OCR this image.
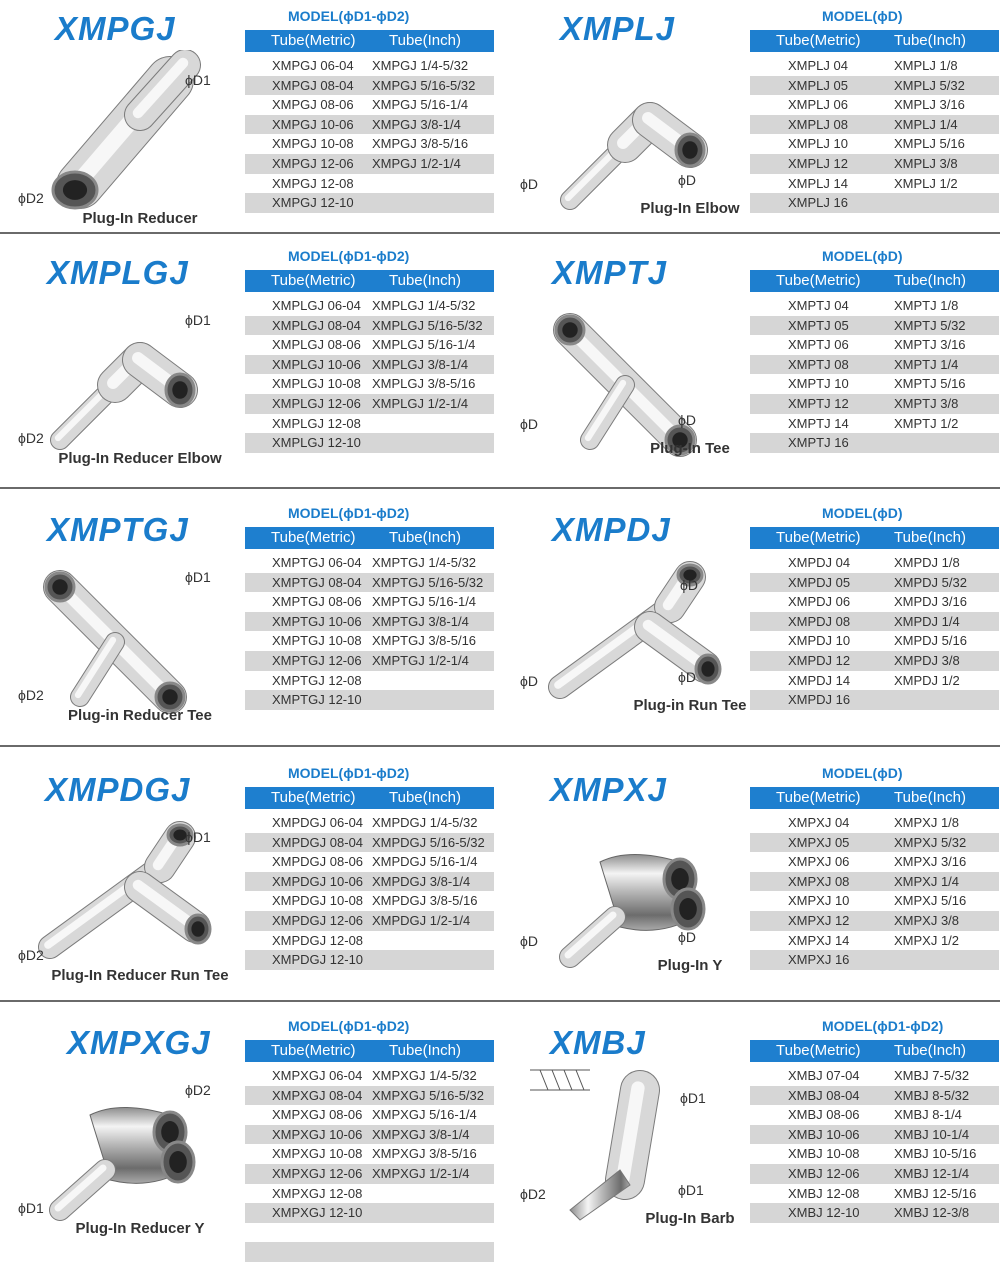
XMPGJ	MODEL(ϕD1-ϕD2)
Tube(Metric) Tube(Inch)
XMPGJ 06-04 XMPGJ 1/4-5/32
XMPGJ 08-04 XMPGJ 5/16-5/32
XMPGJ 08-06 XMPGJ 5/16-1/4
XMPGJ 10-06 XMPGJ 3/8-1/4
XMPGJ 10-08 XMPGJ 3/8-5/16
XMPGJ 12-06 XMPGJ 1/2-1/4
XMPGJ 12-08
XMPGJ 12-10
ϕD1
ϕD2
Plug-In Reducer
XMPLJ	MODEL(ϕD)
Tube(Metric) Tube(Inch)
XMPLJ 04	XMPLJ 1/8
XMPLJ 05	XMPLJ 5/32
XMPLJ 06	XMPLJ 3/16
XMPLJ 08	XMPLJ 1/4
XMPLJ 10	XMPLJ 5/16
XMPLJ 12	XMPLJ 3/8
XMPLJ 14	XMPLJ 1/2
XMPLJ 16
ϕD
ϕD
Plug-In Elbow
XMPLGJ	MODEL(ϕD1-ϕD2)
Tube(Metric) Tube(Inch)
XMPLGJ 06-04 XMPLGJ 1/4-5/32
XMPLGJ 08-04 XMPLGJ 5/16-5/32
XMPLGJ 08-06 XMPLGJ 5/16-1/4
XMPLGJ 10-06 XMPLGJ 3/8-1/4
XMPLGJ 10-08 XMPLGJ 3/8-5/16
XMPLGJ 12-06 XMPLGJ 1/2-1/4
XMPLGJ 12-08
XMPLGJ 12-10
ϕD1
ϕD2
Plug-In Reducer Elbow
XMPTJ	MODEL(ϕD)
Tube(Metric) Tube(Inch)
XMPTJ 04	XMPTJ 1/8
XMPTJ 05	XMPTJ 5/32
XMPTJ 06	XMPTJ 3/16
XMPTJ 08	XMPTJ 1/4
XMPTJ 10	XMPTJ 5/16
XMPTJ 12	XMPTJ 3/8
XMPTJ 14	XMPTJ 1/2
XMPTJ 16
ϕD
ϕD
Plug-In Tee
XMPTGJ	MODEL(ϕD1-ϕD2)
Tube(Metric) Tube(Inch)
XMPTGJ 06-04 XMPTGJ 1/4-5/32
XMPTGJ 08-04 XMPTGJ 5/16-5/32
XMPTGJ 08-06 XMPTGJ 5/16-1/4
XMPTGJ 10-06 XMPTGJ 3/8-1/4
XMPTGJ 10-08 XMPTGJ 3/8-5/16
XMPTGJ 12-06 XMPTGJ 1/2-1/4
XMPTGJ 12-08
XMPTGJ 12-10
ϕD1
ϕD2
Plug-in Reducer Tee
XMPDJ	MODEL(ϕD)
Tube(Metric) Tube(Inch)
XMPDJ 04	XMPDJ 1/8
XMPDJ 05	XMPDJ 5/32
XMPDJ 06	XMPDJ 3/16
XMPDJ 08	XMPDJ 1/4
XMPDJ 10	XMPDJ 5/16
XMPDJ 12	XMPDJ 3/8
XMPDJ 14	XMPDJ 1/2
XMPDJ 16
ϕD
ϕD
ϕD
Plug-in Run Tee
XMPDGJ	MODEL(ϕD1-ϕD2)
Tube(Metric) Tube(Inch)
XMPDGJ 06-04 XMPDGJ 1/4-5/32
XMPDGJ 08-04 XMPDGJ 5/16-5/32
XMPDGJ 08-06 XMPDGJ 5/16-1/4
XMPDGJ 10-06 XMPDGJ 3/8-1/4
XMPDGJ 10-08 XMPDGJ 3/8-5/16
XMPDGJ 12-06 XMPDGJ 1/2-1/4
XMPDGJ 12-08
XMPDGJ 12-10
ϕD1
ϕD2
Plug-In Reducer Run Tee
XMPXJ	MODEL(ϕD)
Tube(Metric) Tube(Inch)
XMPXJ 04	XMPXJ 1/8
XMPXJ 05	XMPXJ 5/32
XMPXJ 06	XMPXJ 3/16
XMPXJ 08	XMPXJ 1/4
XMPXJ 10	XMPXJ 5/16
XMPXJ 12	XMPXJ 3/8
XMPXJ 14	XMPXJ 1/2
XMPXJ 16
ϕD
ϕD
Plug-In Y
XMPXGJ	MODEL(ϕD1-ϕD2)
Tube(Metric) Tube(Inch)
XMPXGJ 06-04 XMPXGJ 1/4-5/32
XMPXGJ 08-04 XMPXGJ 5/16-5/32
XMPXGJ 08-06 XMPXGJ 5/16-1/4
XMPXGJ 10-06 XMPXGJ 3/8-1/4
XMPXGJ 10-08 XMPXGJ 3/8-5/16
XMPXGJ 12-06 XMPXGJ 1/2-1/4
XMPXGJ 12-08
XMPXGJ 12-10
ϕD2
ϕD1
Plug-In Reducer Y
XMBJ	MODEL(ϕD1-ϕD2)
Tube(Metric) Tube(Inch)
XMBJ 07-04	XMBJ 7-5/32
XMBJ 08-04	XMBJ 8-5/32
XMBJ 08-06	XMBJ 8-1/4
XMBJ 10-06	XMBJ 10-1/4
XMBJ 10-08	XMBJ 10-5/16
XMBJ 12-06	XMBJ 12-1/4
XMBJ 12-08	XMBJ 12-5/16
XMBJ 12-10	XMBJ 12-3/8
ϕD1
ϕD2
ϕD1
Plug-In Barb
